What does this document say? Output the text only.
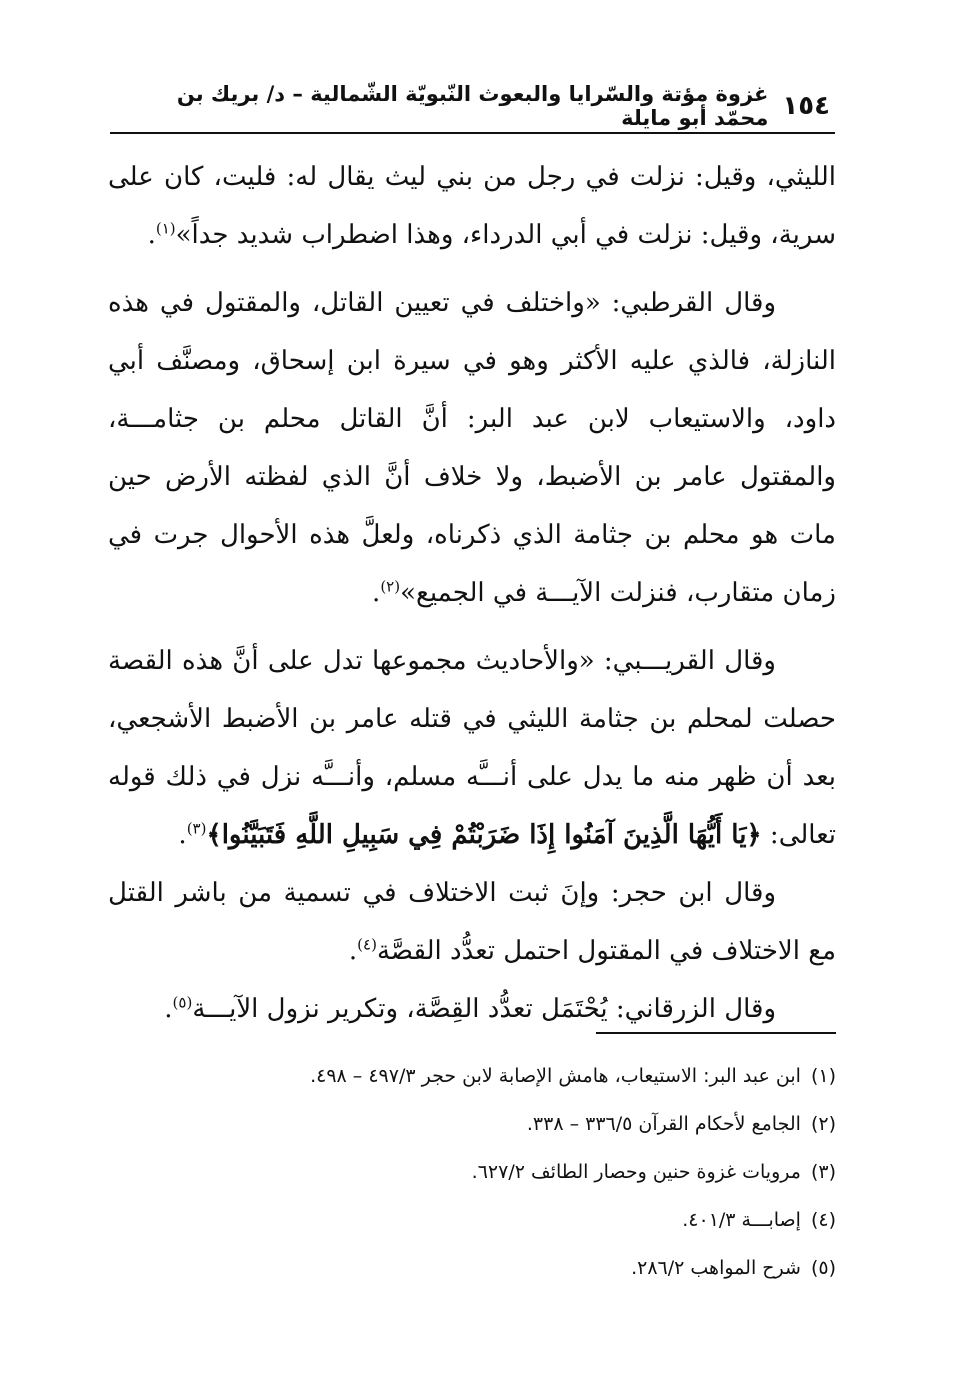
١٥٤
غزوة مؤتة والسّرايا والبعوث النّبويّة الشّمالية – د/ بريك بن محمّد أبو مايلة

الليثي، وقيل: نزلت في رجل من بني ليث يقال له: فليت، كان على سرية، وقيل: نزلت في أبي الدرداء، وهذا اضطراب شديد جداً»$^{(١)}$.

وقال القرطبي: «واختلف في تعيين القاتل، والمقتول في هذه النازلة، فالذي عليه الأكثر وهو في سيرة ابن إسحاق، ومصنَّف أبي داود، والاستيعاب لابن عبد البر: أنَّ القاتل محلم بن جثامـــة، والمقتول عامر بن الأضبط، ولا خلاف أنَّ الذي لفظته الأرض حين مات هو محلم بن جثامة الذي ذكرناه، ولعلَّ هذه الأحوال جرت في زمان متقارب، فنزلت الآيـــة في الجميع»$^{(٢)}$.

وقال القريـــبي: «والأحاديث مجموعها تدل على أنَّ هذه القصة حصلت لمحلم بن جثامة الليثي في قتله عامر بن الأضبط الأشجعي، بعد أن ظهر منه ما يدل على أنـــَّه مسلم، وأنـــَّه نزل في ذلك قوله تعالى: ﴿يَا أَيُّهَا الَّذِينَ آمَنُوا إِذَا ضَرَبْتُمْ فِي سَبِيلِ اللَّهِ فَتَبَيَّنُوا﴾$^{(٣)}$.

وقال ابن حجر: وإنَ ثبت الاختلاف في تسمية من باشر القتل مع الاختلاف في المقتول احتمل تعدُّد القصَّة$^{(٤)}$.

وقال الزرقاني: يُحْتَمَل تعدُّد القِصَّة، وتكرير نزول الآيـــة$^{(٥)}$.

(١)ابن عبد البر: الاستيعاب، هامش الإصابة لابن حجر ٤٩٧/٣ – ٤٩٨.
(٢)الجامع لأحكام القرآن ٣٣٦/٥ – ٣٣٨.
(٣)مرويات غزوة حنين وحصار الطائف ٦٢٧/٢.
(٤)إصابـــة ٤٠١/٣.
(٥)شرح المواهب ٢٨٦/٢.
